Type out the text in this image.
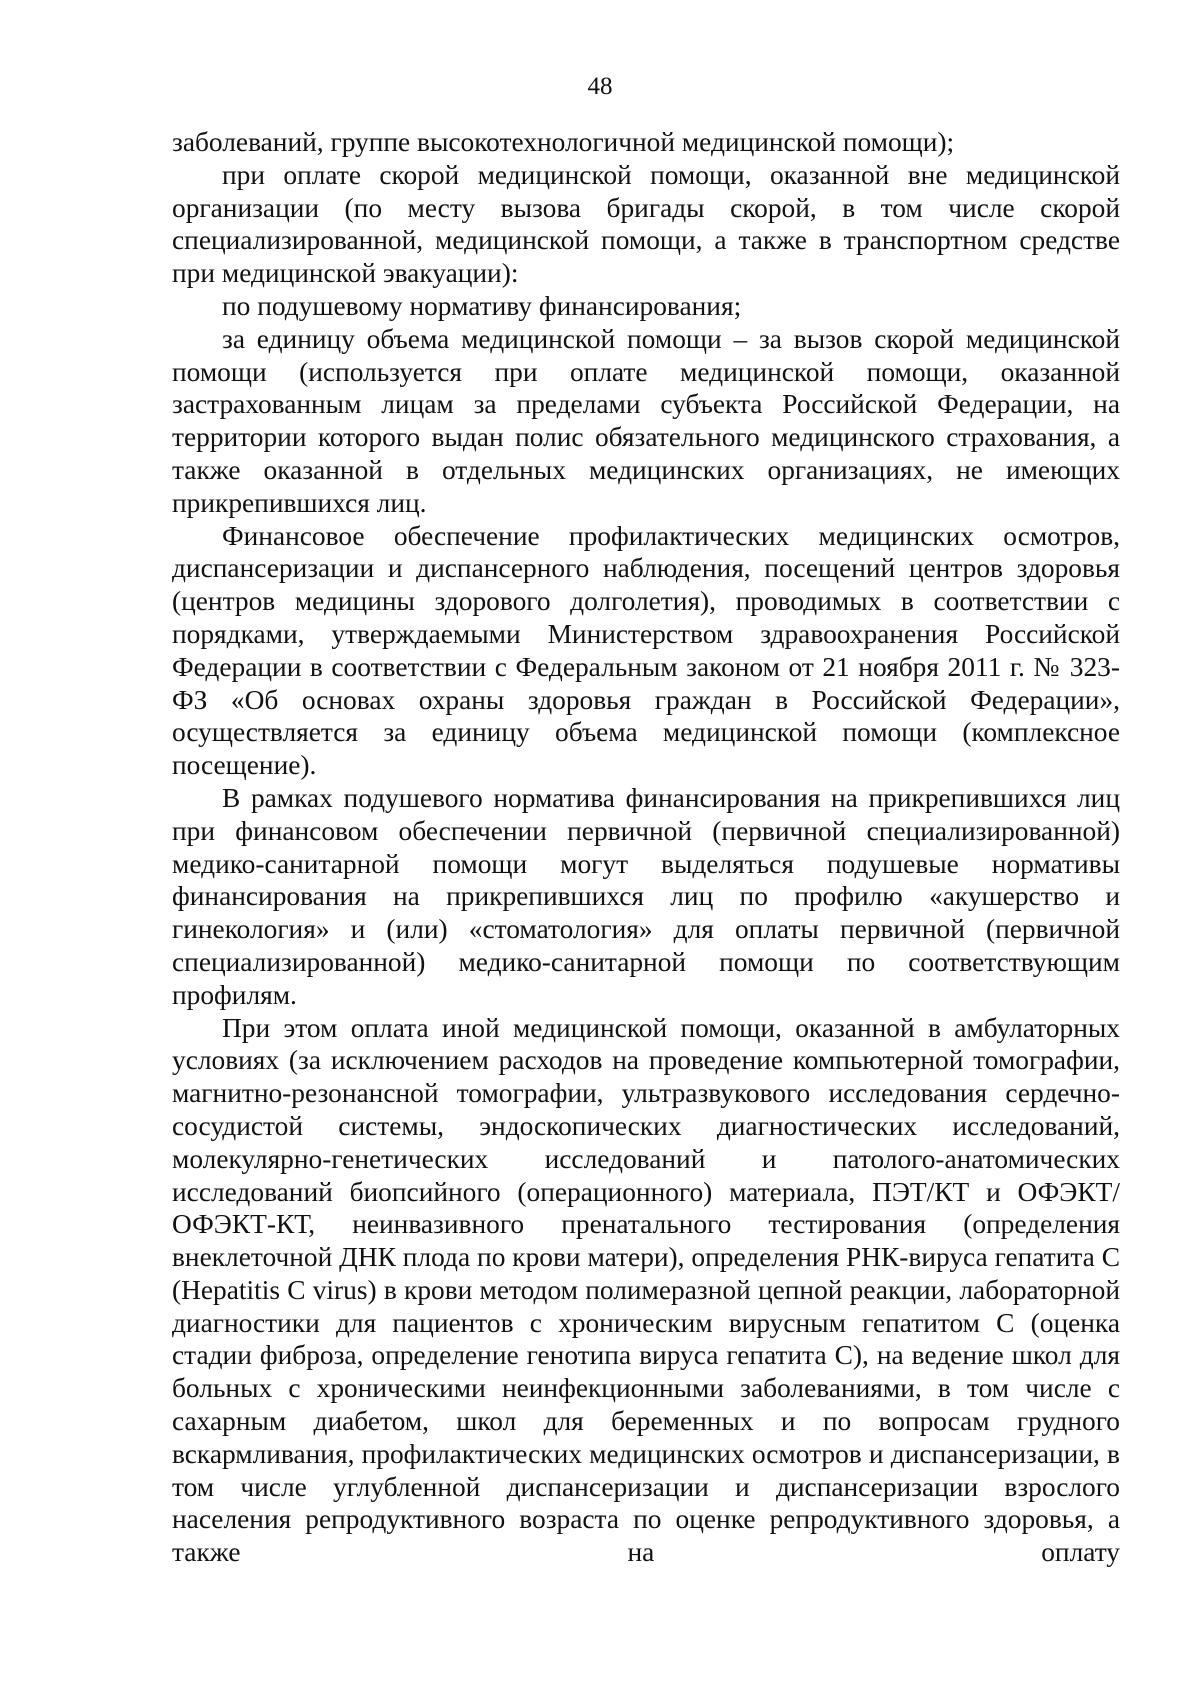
48

заболеваний, группе высокотехнологичной медицинской помощи);

при оплате скорой медицинской помощи, оказанной вне медицинской организации (по месту вызова бригады скорой, в том числе скорой специализированной, медицинской помощи, а также в транспортном средстве при медицинской эвакуации):

по подушевому нормативу финансирования;

за единицу объема медицинской помощи – за вызов скорой медицинской помощи (используется при оплате медицинской помощи, оказанной застрахованным лицам за пределами субъекта Российской Федерации, на территории которого выдан полис обязательного медицинского страхования, а также оказанной в отдельных медицинских организациях, не имеющих прикрепившихся лиц.

Финансовое обеспечение профилактических медицинских осмотров, диспансеризации и диспансерного наблюдения, посещений центров здоровья (центров медицины здорового долголетия), проводимых в соответствии с порядками, утверждаемыми Министерством здравоохранения Российской Федерации в соответствии с Федеральным законом от 21 ноября 2011 г. № 323-ФЗ «Об основах охраны здоровья граждан в Российской Федерации», осуществляется за единицу объема медицинской помощи (комплексное посещение).

В рамках подушевого норматива финансирования на прикрепившихся лиц при финансовом обеспечении первичной (первичной специализированной) медико-санитарной помощи могут выделяться подушевые нормативы финансирования на прикрепившихся лиц по профилю «акушерство и гинекология» и (или) «стоматология» для оплаты первичной (первичной специализированной) медико-санитарной помощи по соответствующим профилям.

При этом оплата иной медицинской помощи, оказанной в амбулаторных условиях (за исключением расходов на проведение компьютерной томографии, магнитно-резонансной томографии, ультразвукового исследования сердечно-сосудистой системы, эндоскопических диагностических исследований, молекулярно-генетических исследований и патолого-анатомических исследований биопсийного (операционного) материала, ПЭТ/КТ и ОФЭКТ/ОФЭКТ-КТ, неинвазивного пренатального тестирования (определения внеклеточной ДНК плода по крови матери), определения РНК-вируса гепатита С (Hepatitis C virus) в крови методом полимеразной цепной реакции, лабораторной диагностики для пациентов с хроническим вирусным гепатитом С (оценка стадии фиброза, определение генотипа вируса гепатита С), на ведение школ для больных с хроническими неинфекционными заболеваниями, в том числе с сахарным диабетом, школ для беременных и по вопросам грудного вскармливания, профилактических медицинских осмотров и диспансеризации, в том числе углубленной диспансеризации и диспансеризации взрослого населения репродуктивного возраста по оценке репродуктивного здоровья, а также на оплату
